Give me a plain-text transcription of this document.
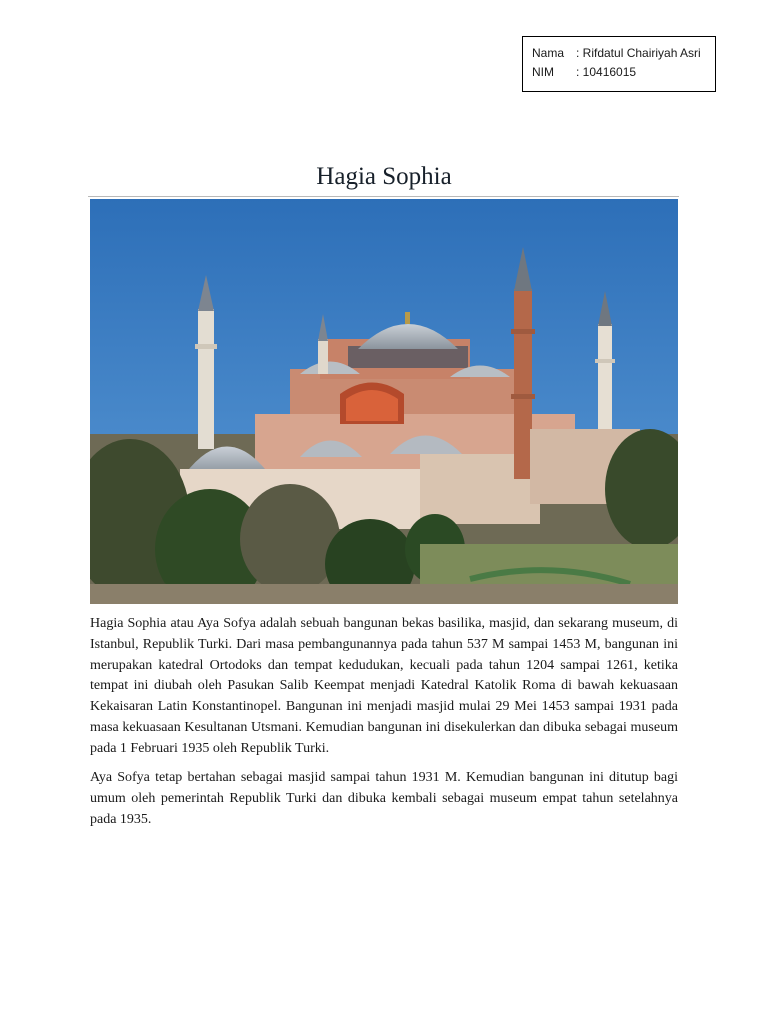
Nama : Rifdatul Chairiyah Asri
NIM	: 10416015
Hagia Sophia

Hagia Sophia atau Aya Sofya adalah sebuah bangunan bekas basilika, masjid, dan sekarang museum, di Istanbul, Republik Turki. Dari masa pembangunannya pada tahun 537 M sampai 1453 M, bangunan ini merupakan katedral Ortodoks dan tempat kedudukan, kecuali pada tahun 1204 sampai 1261, ketika tempat ini diubah oleh Pasukan Salib Keempat menjadi Katedral Katolik Roma di bawah kekuasaan Kekaisaran Latin Konstantinopel. Bangunan ini menjadi masjid mulai 29 Mei 1453 sampai 1931 pada masa kekuasaan Kesultanan Utsmani. Kemudian bangunan ini disekulerkan dan dibuka sebagai museum pada 1 Februari 1935 oleh Republik Turki.

Aya Sofya tetap bertahan sebagai masjid sampai tahun 1931 M. Kemudian bangunan ini ditutup bagi umum oleh pemerintah Republik Turki dan dibuka kembali sebagai museum empat tahun setelahnya pada 1935.
